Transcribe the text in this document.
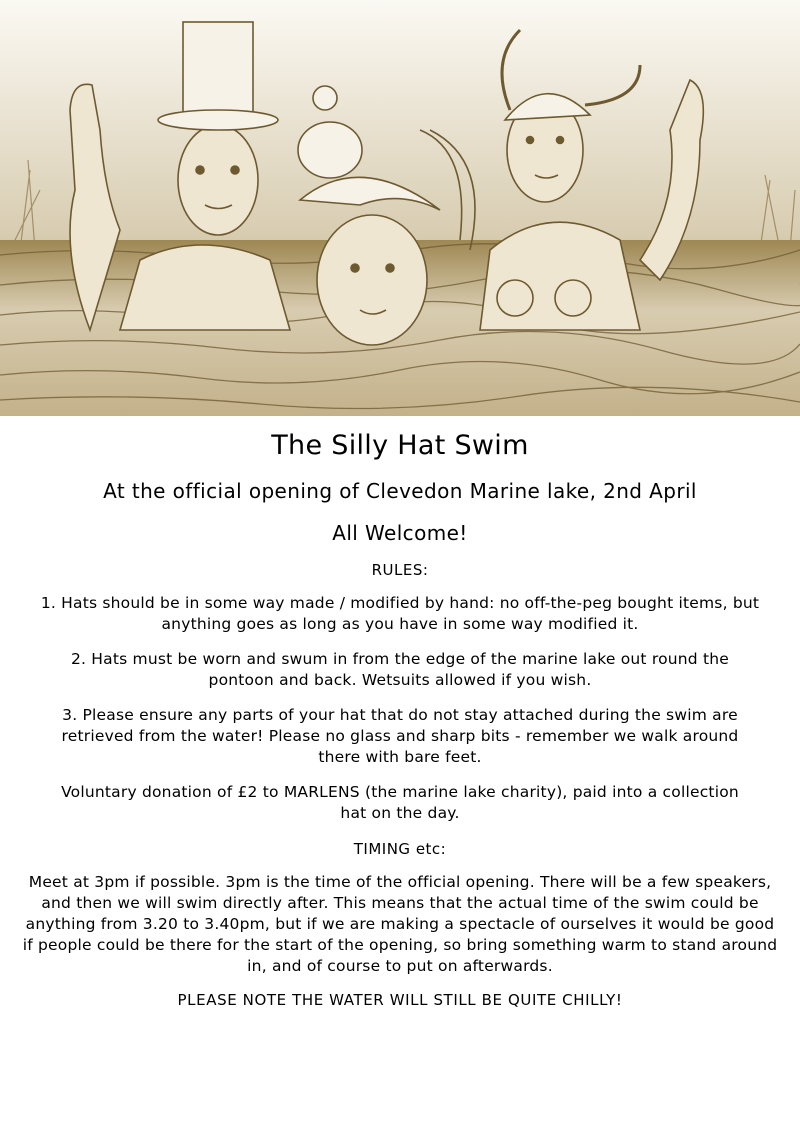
The Silly Hat Swim
At the official opening of Clevedon Marine lake, 2nd April
All Welcome!
RULES:

1. Hats should be in some way made / modified by hand: no off-the-peg bought items, but anything goes as long as you have in some way modified it.

2. Hats must be worn and swum in from the edge of the marine lake out round the pontoon and back. Wetsuits allowed if you wish.

3. Please ensure any parts of your hat that do not stay attached during the swim are retrieved from the water! Please no glass and sharp bits - remember we walk around there with bare feet.

Voluntary donation of £2 to MARLENS (the marine lake charity), paid into a collection hat on the day.

TIMING etc:

Meet at 3pm if possible. 3pm is the time of the official opening. There will be a few speakers, and then we will swim directly after. This means that the actual time of the swim could be anything from 3.20 to 3.40pm, but if we are making a spectacle of ourselves it would be good if people could be there for the start of the opening, so bring something warm to stand around in, and of course to put on afterwards.

PLEASE NOTE THE WATER WILL STILL BE QUITE CHILLY!
